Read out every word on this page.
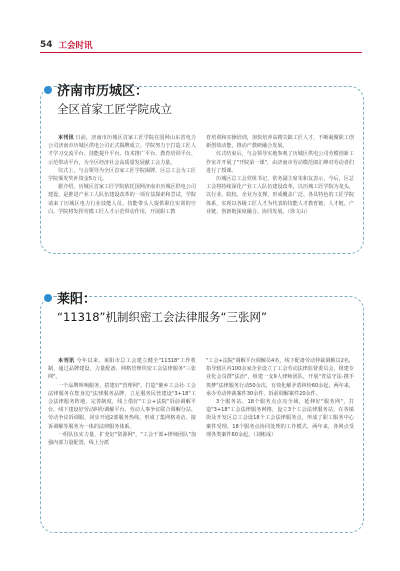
54 工会时讯
济南市历城区：
全区首家工匠学院成立

本刊讯 日前，济南市历城区首家工匠学院在国网山东省电力公司济南市历城区供电公司正式揭牌成立。学院努力于打造工匠人才学习交流平台、技能提升平台、技术推广平台、教育培训平台、示范带动平台，为全区经济社会高质量发展献工会力量。

仪式上，与会领导为全区首家工匠学院揭牌，区总工会为工匠学院颁发奖补资金5万元。

据介绍，历城区首家工匠学院依托国网济南市历城区供电公司建设，是推进产业工人队伍建设改革的一项有益探索和尝试，学院请来了历城区电力行业技能人员、技能带头人提供职位实训的空白。学院将发挥劳模工匠人才示范带动作用，开展职工教

育培训和实操培训，加快培养高精尖缺工匠人才，不断凝聚职工创新创效动能，推动产教研融合发展。

仪式结束后，与会领导实地参观了历城区供电公司劳模创新工作室并开展了"开院第一课"，由济南市劳动模范郎汇峰对劳动者们进行了授课。

历城区总工会党组书记、常务副主席朱和友表示，今后，区总工会将持续深化产业工人队伍建设改革，以历城工匠学院为龙头，以行业、院校、企业为支撑，形成覆盖广泛、各具特色的工匠学院体系，实现以各级工匠人才为代表的技能人才教育链、人才链、产业链、创新链深度融合。协同发展。（徐文山）

莱阳：
“11318”机制织密工会法律服务“三张网”

本刊讯 今年以来，莱阳市总工会建立健全"11318"工作机制，通过品牌建设、力量配备、网格管理织密工会法律服务"三张网"。

一个品牌叫响服务，搭建好"管理网"。打造"聚乡工会社·工会法律服务在您身边"法律服务品牌，立足服务民营建设"3+18"工会法律服务阵地，完善制度，线上借好"工会+法院"诉前调解平台，线下建设好劳动纠纷调解平台、劳动人事争议联合调解分站、劳动争议诉调服，同步开通2部服务热线，形成了集网格劝访、接诉调解等服务为一体的法律服务体系。

一组队伍实力量，扩充好"资源网"。"工会干部+律师团队"加强内部力量配置，线上分派

"工会+法院"调解平台调解员4名，线下配备劳动仲裁调解员2名，指导辖区内100余家企业设立了工会劳动法律监督委员会，组建专业化会员群"法治"，组建一支9人律师团队，开展"青法守法·携手筑梦"法律服务行动50余次，有效化解矛盾纠纷60余起，两年来，承办劳动仲裁案件30余件，诉前调解案件20余件。

3个服务站、18个服务点点亮全域，延伸好"服务网"，打造"3+18"工会法律服务网格，设立3个工会法律服务站，在各镇街及开发区总工会设18个工会法律服务点，形成了职工服务中心案件受理、18个服务点协同处理的工作模式，两年来，各网点受理各类案件60余起。（刘彬成）
